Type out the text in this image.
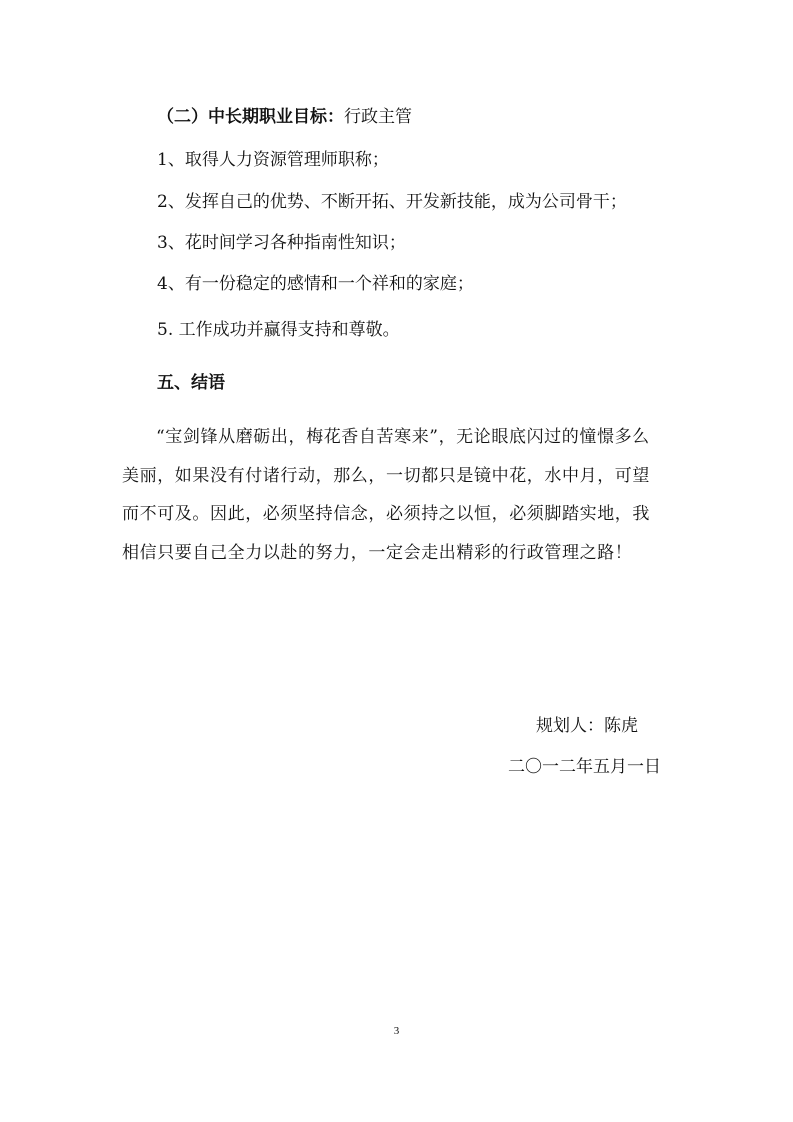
（二）中长期职业目标：行政主管
1、取得人力资源管理师职称；
2、发挥自己的优势、不断开拓、开发新技能，成为公司骨干；
3、花时间学习各种指南性知识；
4、有一份稳定的感情和一个祥和的家庭；
5. 工作成功并赢得支持和尊敬。
五、结语
“宝剑锋从磨砺出，梅花香自苦寒来”，无论眼底闪过的憧憬多么
美丽，如果没有付诸行动，那么，一切都只是镜中花，水中月，可望
而不可及。因此，必须坚持信念，必须持之以恒，必须脚踏实地，我
相信只要自己全力以赴的努力，一定会走出精彩的行政管理之路！
规划人：陈虎
二〇一二年五月一日
3
